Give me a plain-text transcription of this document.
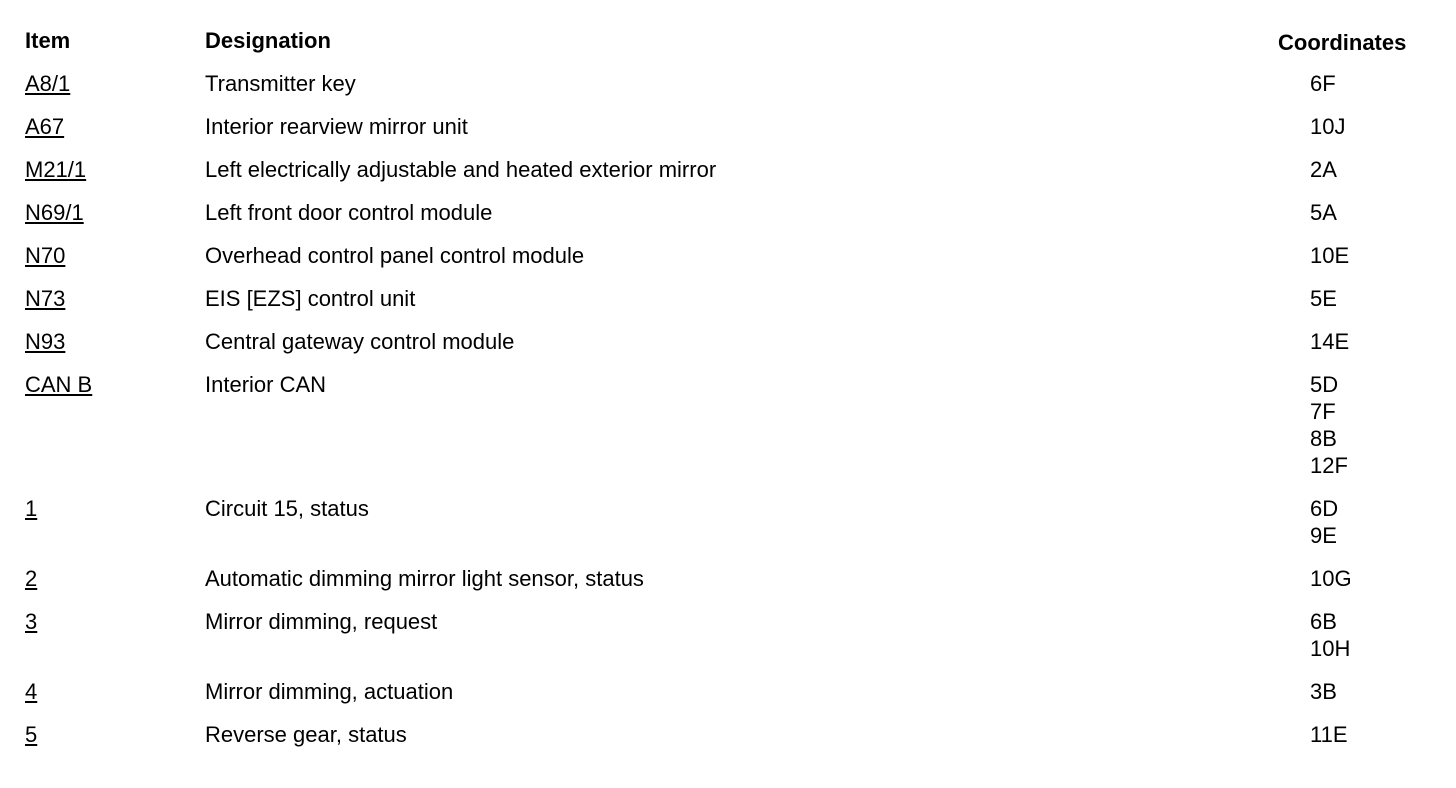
Item	Designation	Coordinates
A8/1	Transmitter key	6F
A67	Interior rearview mirror unit	10J
M21/1	Left electrically adjustable and heated exterior mirror	2A
N69/1	Left front door control module	5A
N70	Overhead control panel control module	10E
N73	EIS [EZS] control unit	5E
N93	Central gateway control module	14E
CAN B	Interior CAN	5D
7F
8B
12F
1	Circuit 15, status	6D
9E
2	Automatic dimming mirror light sensor, status	10G
3	Mirror dimming, request	6B
10H
4	Mirror dimming, actuation	3B
5	Reverse gear, status	11E
